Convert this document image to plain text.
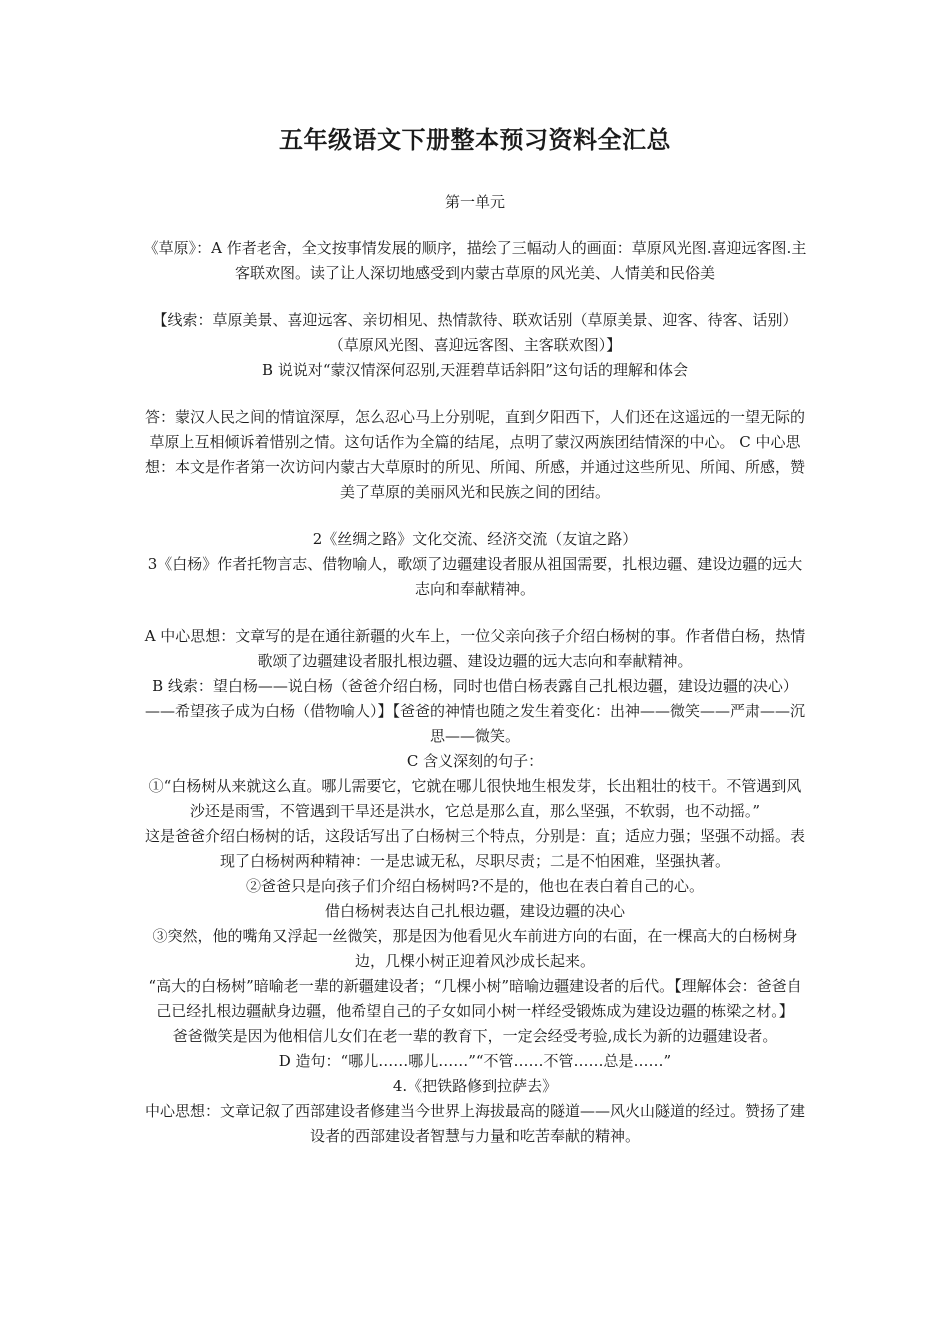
五年级语文下册整本预习资料全汇总
第一单元

《草原》：A 作者老舍，全文按事情发展的顺序，描绘了三幅动人的画面：草原风光图.喜迎远客图.主客联欢图。读了让人深切地感受到内蒙古草原的风光美、人情美和民俗美

【线索：草原美景、喜迎远客、亲切相见、热情款待、联欢话别（草原美景、迎客、待客、话别）（草原风光图、喜迎远客图、主客联欢图）】

B 说说对“蒙汉情深何忍别,天涯碧草话斜阳”这句话的理解和体会

答：蒙汉人民之间的情谊深厚，怎么忍心马上分别呢，直到夕阳西下，人们还在这遥远的一望无际的草原上互相倾诉着惜别之情。这句话作为全篇的结尾，点明了蒙汉两族团结情深的中心。 C 中心思想：本文是作者第一次访问内蒙古大草原时的所见、所闻、所感，并通过这些所见、所闻、所感，赞美了草原的美丽风光和民族之间的团结。

2《丝绸之路》文化交流、经济交流（友谊之路）

3《白杨》作者托物言志、借物喻人，歌颂了边疆建设者服从祖国需要，扎根边疆、建设边疆的远大志向和奉献精神。

A 中心思想：文章写的是在通往新疆的火车上，一位父亲向孩子介绍白杨树的事。作者借白杨，热情歌颂了边疆建设者服扎根边疆、建设边疆的远大志向和奉献精神。

B 线索：望白杨——说白杨（爸爸介绍白杨，同时也借白杨表露自己扎根边疆，建设边疆的决心）——希望孩子成为白杨（借物喻人）】【爸爸的神情也随之发生着变化：出神——微笑——严肃——沉思——微笑。

C 含义深刻的句子：

①“白杨树从来就这么直。哪儿需要它，它就在哪儿很快地生根发芽，长出粗壮的枝干。不管遇到风沙还是雨雪，不管遇到干旱还是洪水，它总是那么直，那么坚强，不软弱，也不动摇。”

这是爸爸介绍白杨树的话，这段话写出了白杨树三个特点，分别是：直；适应力强；坚强不动摇。表现了白杨树两种精神：一是忠诚无私，尽职尽责；二是不怕困难，坚强执著。

②爸爸只是向孩子们介绍白杨树吗?不是的，他也在表白着自己的心。

借白杨树表达自己扎根边疆，建设边疆的决心

③突然，他的嘴角又浮起一丝微笑，那是因为他看见火车前进方向的右面，在一棵高大的白杨树身边，几棵小树正迎着风沙成长起来。

“高大的白杨树”暗喻老一辈的新疆建设者；“几棵小树”暗喻边疆建设者的后代。【理解体会：爸爸自己已经扎根边疆献身边疆，他希望自己的子女如同小树一样经受锻炼成为建设边疆的栋梁之材。】

爸爸微笑是因为他相信儿女们在老一辈的教育下，一定会经受考验,成长为新的边疆建设者。

D 造句：“哪儿……哪儿……”“不管……不管……总是……”

4.《把铁路修到拉萨去》

中心思想：文章记叙了西部建设者修建当今世界上海拔最高的隧道——风火山隧道的经过。赞扬了建设者的西部建设者智慧与力量和吃苦奉献的精神。
